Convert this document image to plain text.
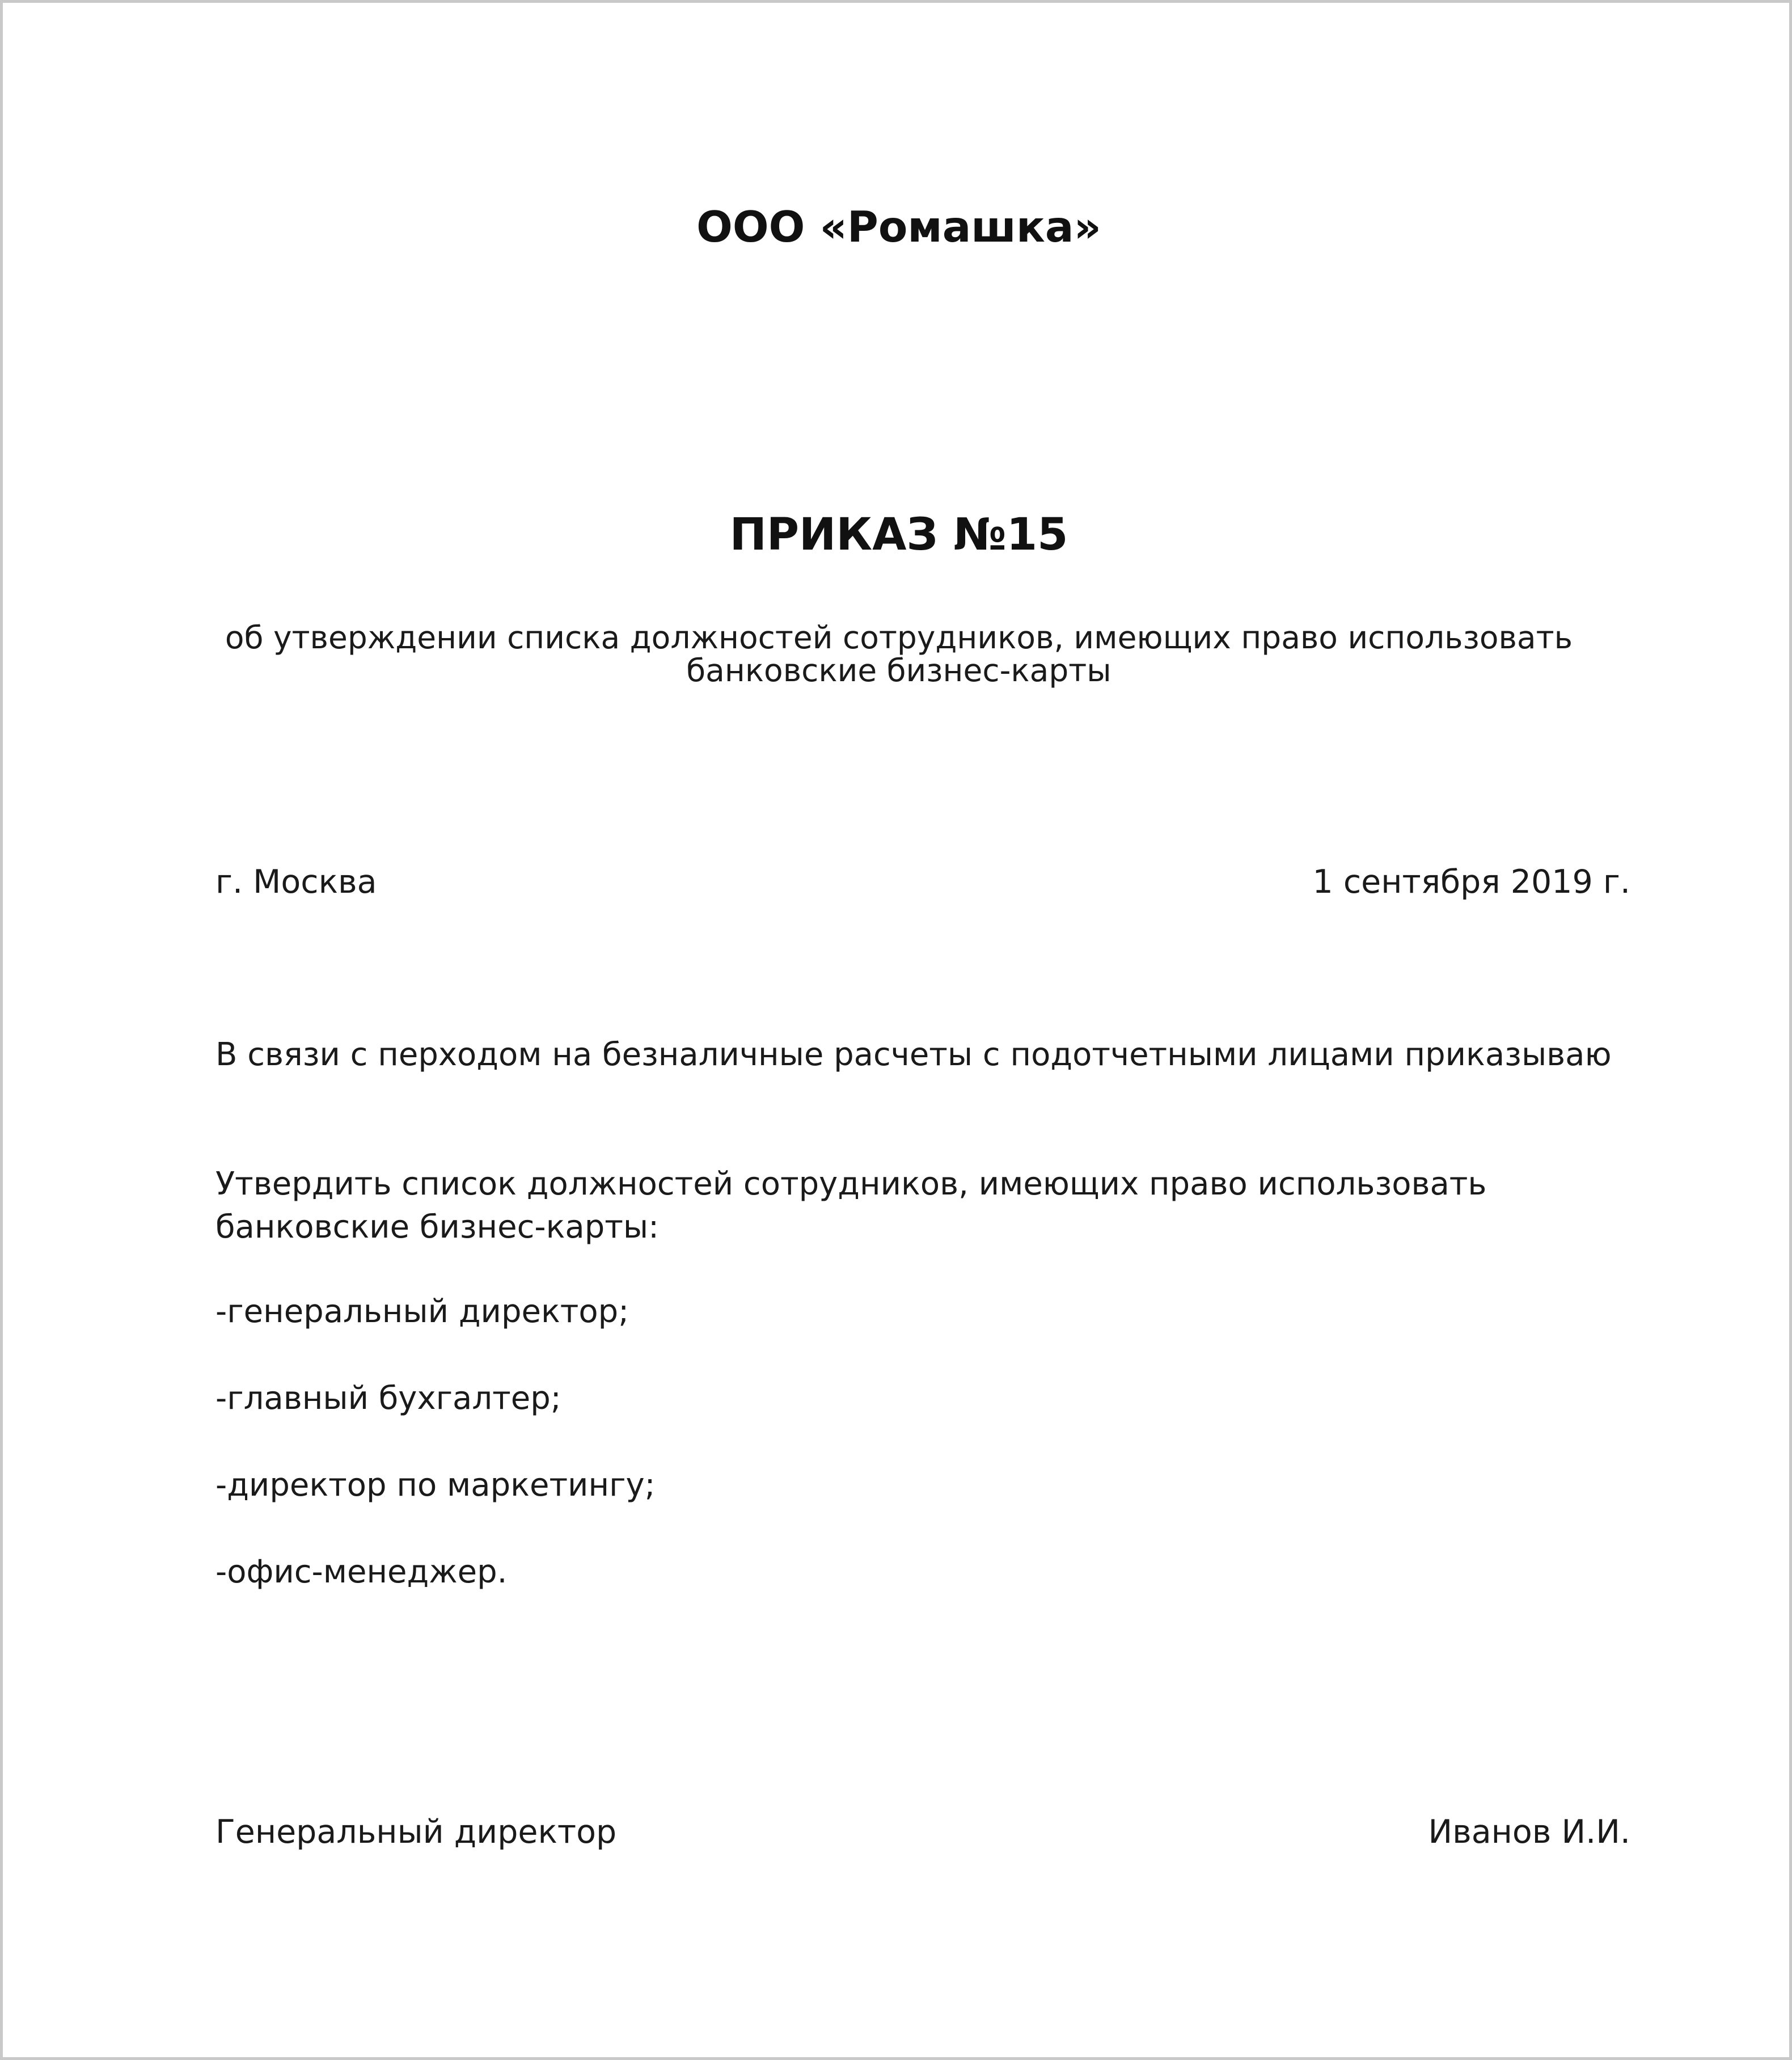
ООО «Ромашка»
ПРИКАЗ №15
об утверждении списка должностей сотрудников, имеющих право использовать
банковские бизнес-карты
г. Москва	1 сентября 2019 г.
В связи с перходом на безналичные расчеты с подотчетными лицами приказываю
Утвердить список должностей сотрудников, имеющих право использовать банковские бизнес-карты:
-генеральный директор;
-главный бухгалтер;
-директор по маркетингу;
-офис-менеджер.
Генеральный директор	Иванов И.И.
